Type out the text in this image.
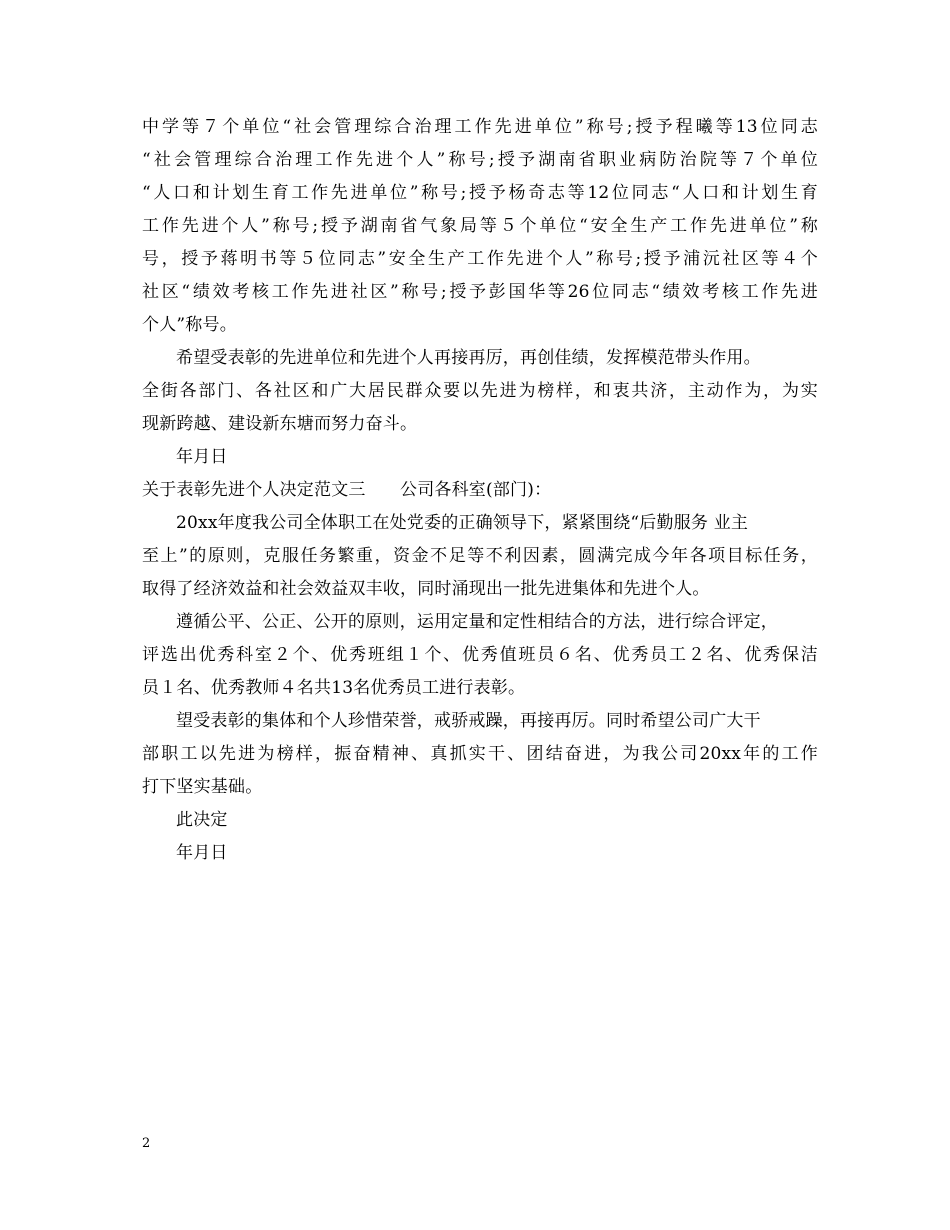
中学等７个单位“社会管理综合治理工作先进单位”称号;授予程曦等13位同志
“社会管理综合治理工作先进个人”称号;授予湖南省职业病防治院等７个单位
“人口和计划生育工作先进单位”称号;授予杨奇志等12位同志“人口和计划生育
工作先进个人”称号;授予湖南省气象局等５个单位“安全生产工作先进单位”称
号，授予蒋明书等５位同志”安全生产工作先进个人”称号;授予浦沅社区等４个
社区“绩效考核工作先进社区”称号;授予彭国华等26位同志“绩效考核工作先进
个人”称号。
希望受表彰的先进单位和先进个人再接再厉，再创佳绩，发挥模范带头作用。
全街各部门、各社区和广大居民群众要以先进为榜样，和衷共济，主动作为，为实
现新跨越、建设新东塘而努力奋斗。
年月日
关于表彰先进个人决定范文三　　公司各科室(部门)：
20xx年度我公司全体职工在处党委的正确领导下，紧紧围绕“后勤服务 业主
至上”的原则，克服任务繁重，资金不足等不利因素，圆满完成今年各项目标任务，
取得了经济效益和社会效益双丰收，同时涌现出一批先进集体和先进个人。
遵循公平、公正、公开的原则，运用定量和定性相结合的方法，进行综合评定，
评选出优秀科室２个、优秀班组１个、优秀值班员６名、优秀员工２名、优秀保洁
员１名、优秀教师４名共13名优秀员工进行表彰。
望受表彰的集体和个人珍惜荣誉，戒骄戒躁，再接再厉。同时希望公司广大干
部职工以先进为榜样，振奋精神、真抓实干、团结奋进，为我公司20xx年的工作
打下坚实基础。
此决定
年月日
2
